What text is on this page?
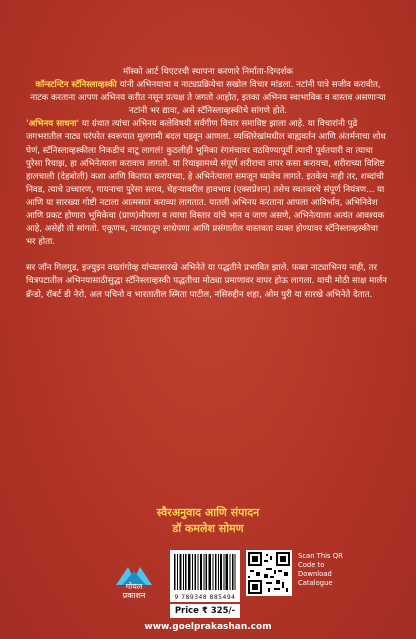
मॉस्को आर्ट थिएटरची स्थापना करणारे निर्माता-दिग्दर्शक
कॉन्स्टन्टिन स्टॅनिस्लाव्हस्की यांनी अभिनयाचा व नाट्यप्रक्रियेचा सखोल विचार मांडला. नटांनी पात्रे सजीव करावीत, नाटक करताना आपण अभिनय करीत नसून प्रत्यक्ष ते जगतो आहोत, इतका अभिनय स्वाभाविक व वास्तव असणाऱ्या नटांनी भर द्यावा, असे स्टॅनिस्लाव्हस्कीचे सांगणे होते.

'अभिनय साधना' या ग्रंथात त्यांचा अभिनय कलेविषयी सर्वंगीण विचार समाविष्ट झाला आहे. या विचारांनी पुढे जगभरातील नाट्य परंपरेत स्वरूपात मूलगामी बदल घडवून आणला. व्यक्तिरेखांमधील बाह्यवर्तन आणि अंतर्मनाचा शोध घेणं, स्टॅनिस्लाव्हस्कीला निकडीचं वाटू लागलं! कुठलीही भूमिका रंगमंचावर वठविण्यापूर्वी त्याची पूर्वतयारी वा त्याचा पुरेसा रियाझ, हा अभिनेत्याला करावाच लागतो. या रियाझामध्ये संपूर्ण शरीराचा वापर कसा करायचा, शरीराच्या विशिष्ट हालचाली (देहबोली) कशा आणि कितपत करायच्या, हे अभिनेत्याला समजून घ्यावेच लागते. इतकेच नाही तर, शब्दांची निवड, त्याचे उच्चारण, गायनाचा पुरेसा सराव, चेहऱ्यावरील हावभाव (एक्सप्रेशन) तसेच स्वतःवरचे संपूर्ण नियंत्रण... या आणि या सारख्या गोष्टी नटाला आत्मसात कराव्या लागतात. यातली अभिनय करताना आपला आविर्भाव, अभिनिवेश आणि प्रकट होणारा भूमिकेचा (प्राण)मीपणा व त्याचा विस्तार यांचे भान व जाण असणे, अभिनेत्याला अत्यंत आवश्यक आहे, असेही तो सांगतो. एकूणच, नाटकातून साधेपणा आणि प्रसंगातील वास्तवता व्यक्त होण्यावर स्टॅनिस्लाव्हस्कीचा भर होता.

सर जॉन गिलगुड, इज्युइन वख्तांगोव्ह यांच्यासारखे अभिनेते या पद्धतीने प्रभावित झाले. फक्त नाट्याभिनय नाही, तर चित्रपटातील अभिनयासाठीसुद्धा स्टॅनिस्लाव्हस्की पद्धतीचा मोठ्या प्रमाणावर वापर होऊ लागला. याची मोठी साक्ष मार्लन ब्रॅन्डो, रॉबर्ट डी नेरो, अल पचिनो व भारतातील स्मिता पाटील, नसिरुद्दीन शहा, ओम पुरी या सारखे अभिनेते देतात.

स्वैरअनुवाद आणि संपादन
डॉ कमलेश सोमण
गोयल
प्रकाशन	9 789348 885494
Scan This QR Code to Download Catalogue
Price ₹ 325/-
www.goelprakashan.com
